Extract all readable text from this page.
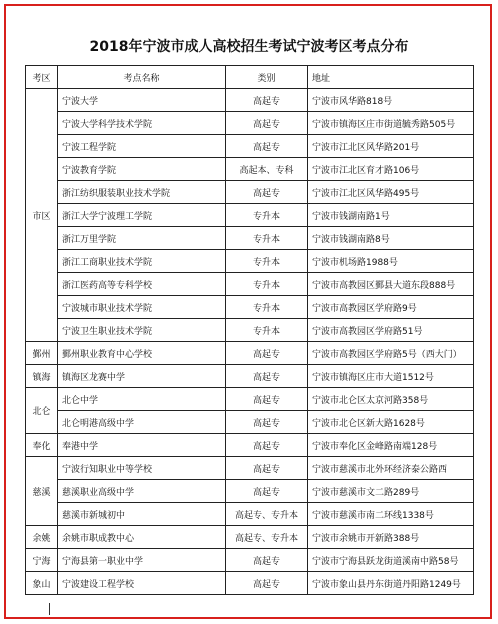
2018年宁波市成人高校招生考试宁波考区考点分布
考区	考点名称	类别	地址
市区	宁波大学	高起专	宁波市风华路818号
	宁波大学科学技术学院	高起专	宁波市镇海区庄市街道毓秀路505号
	宁波工程学院	高起专	宁波市江北区风华路201号
	宁波教育学院	高起本、专科	宁波市江北区育才路106号
	浙江纺织服装职业技术学院	高起专	宁波市江北区风华路495号
	浙江大学宁波理工学院	专升本	宁波市钱湖南路1号
	浙江万里学院	专升本	宁波市钱湖南路8号
	浙江工商职业技术学院	专升本	宁波市机场路1988号
	浙江医药高等专科学校	专升本	宁波市高教园区鄞县大道东段888号
	宁波城市职业技术学院	专升本	宁波市高教园区学府路9号
	宁波卫生职业技术学院	专升本	宁波市高教园区学府路51号
鄞州	鄞州职业教育中心学校	高起专	宁波市高教园区学府路5号（西大门）
镇海	镇海区龙赛中学	高起专	宁波市镇海区庄市大道1512号
北仑	北仑中学	高起专	宁波市北仑区太京河路358号
	北仑明港高级中学	高起专	宁波市北仑区新大路1628号
奉化	奉港中学	高起专	宁波市奉化区金峰路南端128号
慈溪	宁波行知职业中等学校	高起专	宁波市慈溪市北外环经济泰公路西
	慈溪职业高级中学	高起专	宁波市慈溪市文二路289号
	慈溪市新城初中	高起专、专升本	宁波市慈溪市南二环线1338号
余姚	余姚市职成教中心	高起专、专升本	宁波市余姚市开新路388号
宁海	宁海县第一职业中学	高起专	宁波市宁海县跃龙街道溪南中路58号
象山	宁波建设工程学校	高起专	宁波市象山县丹东街道丹阳路1249号
